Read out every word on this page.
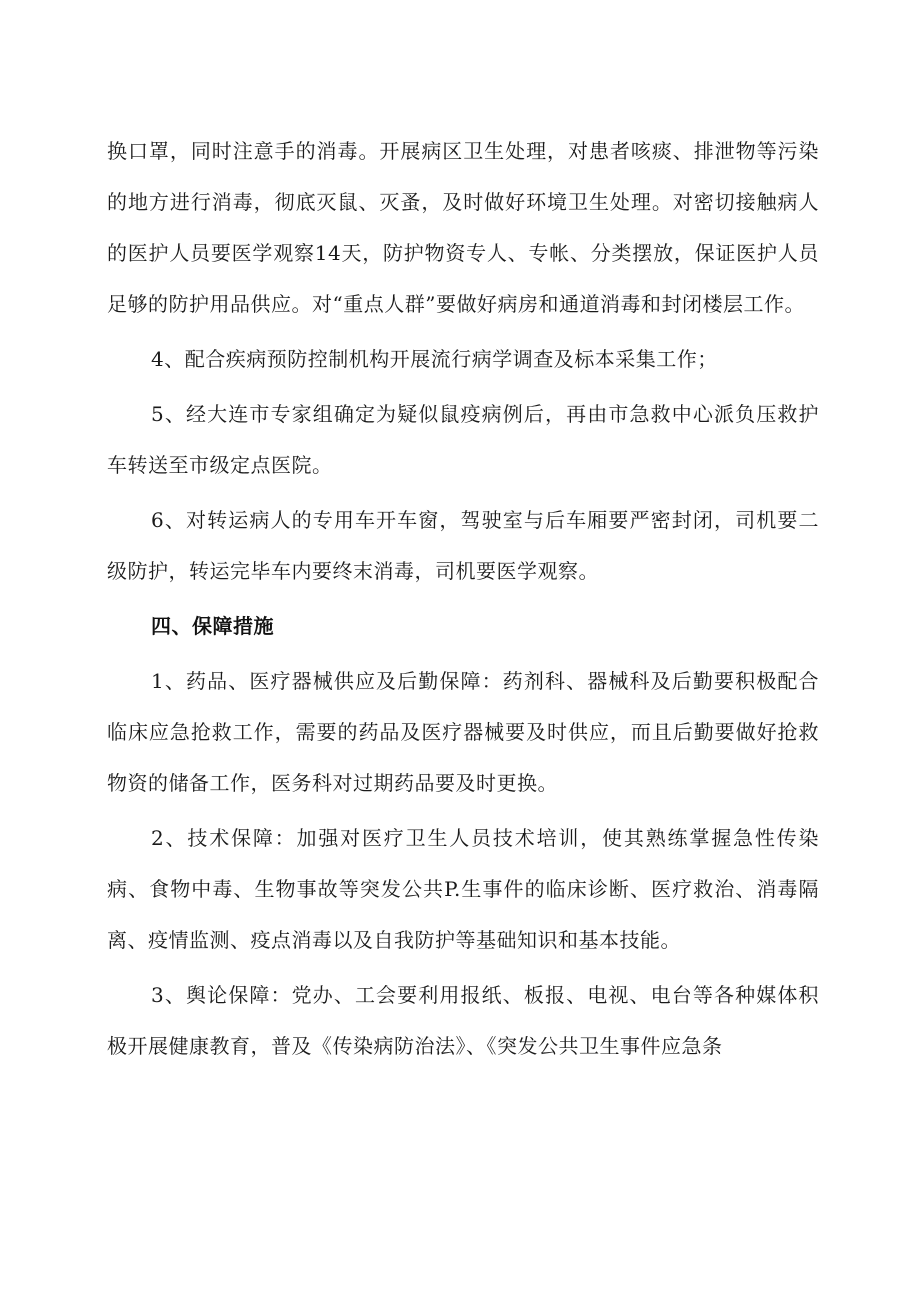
换口罩，同时注意手的消毒。开展病区卫生处理，对患者咳痰、排泄物等污染的地方进行消毒，彻底灭鼠、灭蚤，及时做好环境卫生处理。对密切接触病人的医护人员要医学观察14天，防护物资专人、专帐、分类摆放，保证医护人员足够的防护用品供应。对“重点人群”要做好病房和通道消毒和封闭楼层工作。

4、配合疾病预防控制机构开展流行病学调查及标本采集工作；

5、经大连市专家组确定为疑似鼠疫病例后，再由市急救中心派负压救护车转送至市级定点医院。

6、对转运病人的专用车开车窗，驾驶室与后车厢要严密封闭，司机要二级防护，转运完毕车内要终末消毒，司机要医学观察。

四、保障措施

1、药品、医疗器械供应及后勤保障：药剂科、器械科及后勤要积极配合临床应急抢救工作，需要的药品及医疗器械要及时供应，而且后勤要做好抢救物资的储备工作，医务科对过期药品要及时更换。

2、技术保障：加强对医疗卫生人员技术培训，使其熟练掌握急性传染病、食物中毒、生物事故等突发公共P.生事件的临床诊断、医疗救治、消毒隔离、疫情监测、疫点消毒以及自我防护等基础知识和基本技能。

3、舆论保障：党办、工会要利用报纸、板报、电视、电台等各种媒体积极开展健康教育，普及《传染病防治法》、《突发公共卫生事件应急条
